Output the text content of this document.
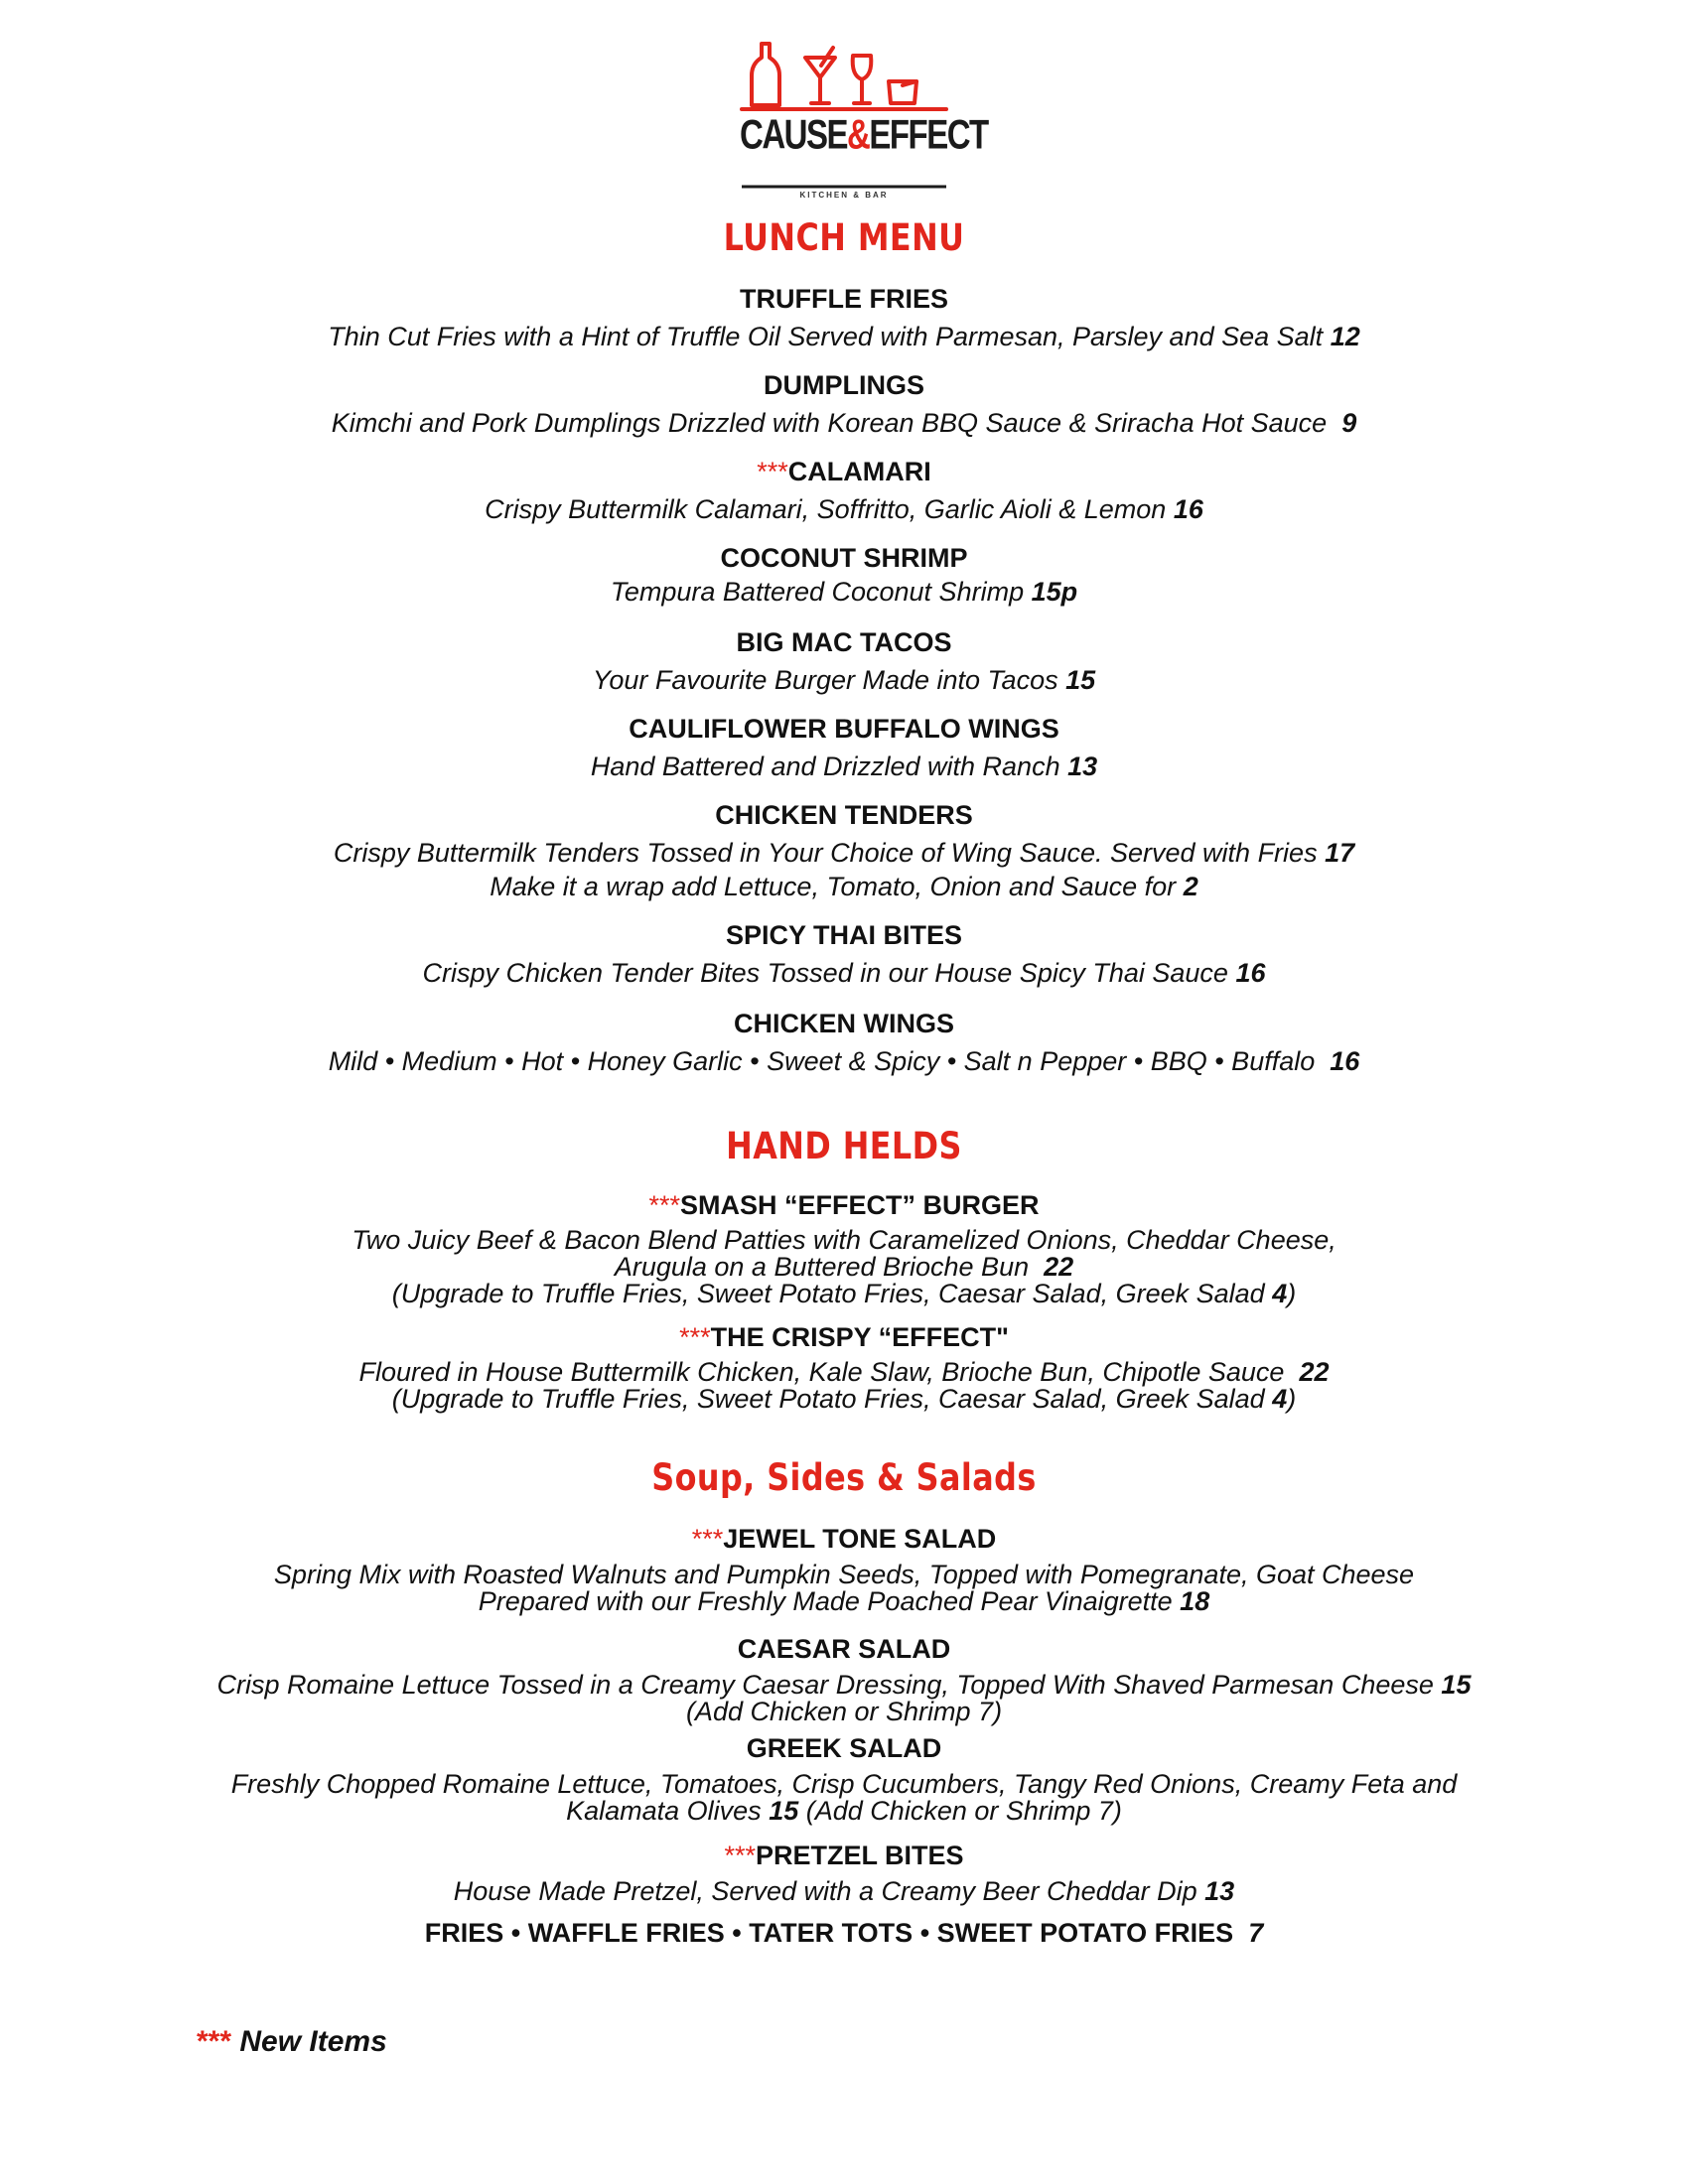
CAUSE&EFFECT
KITCHEN & BAR
LUNCH MENU
TRUFFLE FRIES
Thin Cut Fries with a Hint of Truffle Oil Served with Parmesan, Parsley and Sea Salt 12
DUMPLINGS
Kimchi and Pork Dumplings Drizzled with Korean BBQ Sauce & Sriracha Hot Sauce 9
***CALAMARI
Crispy Buttermilk Calamari, Soffritto, Garlic Aioli & Lemon 16
COCONUT SHRIMP
Tempura Battered Coconut Shrimp 15p
BIG MAC TACOS
Your Favourite Burger Made into Tacos 15
CAULIFLOWER BUFFALO WINGS
Hand Battered and Drizzled with Ranch 13
CHICKEN TENDERS
Crispy Buttermilk Tenders Tossed in Your Choice of Wing Sauce. Served with Fries 17
Make it a wrap add Lettuce, Tomato, Onion and Sauce for 2
SPICY THAI BITES
Crispy Chicken Tender Bites Tossed in our House Spicy Thai Sauce 16
CHICKEN WINGS
Mild • Medium • Hot • Honey Garlic • Sweet & Spicy • Salt n Pepper • BBQ • Buffalo 16
HAND HELDS
***SMASH “EFFECT” BURGER
Two Juicy Beef & Bacon Blend Patties with Caramelized Onions, Cheddar Cheese,
Arugula on a Buttered Brioche Bun 22
(Upgrade to Truffle Fries, Sweet Potato Fries, Caesar Salad, Greek Salad 4)
***THE CRISPY “EFFECT"
Floured in House Buttermilk Chicken, Kale Slaw, Brioche Bun, Chipotle Sauce 22
(Upgrade to Truffle Fries, Sweet Potato Fries, Caesar Salad, Greek Salad 4)
Soup, Sides & Salads
***JEWEL TONE SALAD
Spring Mix with Roasted Walnuts and Pumpkin Seeds, Topped with Pomegranate, Goat Cheese
Prepared with our Freshly Made Poached Pear Vinaigrette 18
CAESAR SALAD
Crisp Romaine Lettuce Tossed in a Creamy Caesar Dressing, Topped With Shaved Parmesan Cheese 15
(Add Chicken or Shrimp 7)
GREEK SALAD
Freshly Chopped Romaine Lettuce, Tomatoes, Crisp Cucumbers, Tangy Red Onions, Creamy Feta and
Kalamata Olives 15 (Add Chicken or Shrimp 7)
***PRETZEL BITES
House Made Pretzel, Served with a Creamy Beer Cheddar Dip 13
FRIES • WAFFLE FRIES • TATER TOTS • SWEET POTATO FRIES 7
*** New Items
